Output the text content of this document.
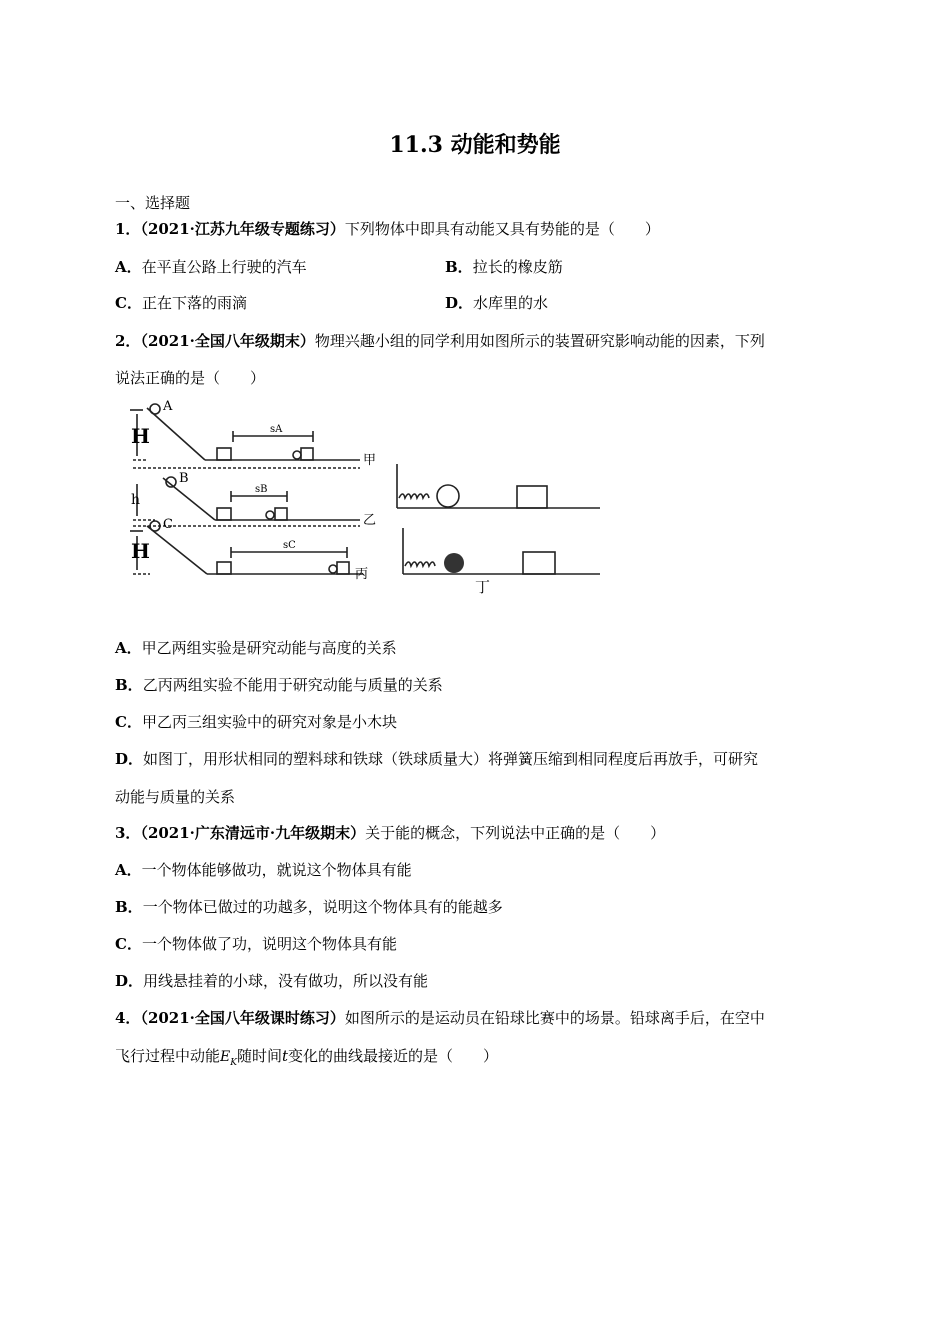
11.3 动能和势能
一、选择题
1．（2021·江苏九年级专题练习）下列物体中即具有动能又具有势能的是（　　）
A．在平直公路上行驶的汽车	B．拉长的橡皮筋
C．正在下落的雨滴	D．水库里的水
2．（2021·全国八年级期末）物理兴趣小组的同学利用如图所示的装置研究影响动能的因素，下列
说法正确的是（　　）
A
H	sA
甲
B
h
sB
乙
C
H	sC
丙
丁
A．甲乙两组实验是研究动能与高度的关系
B．乙丙两组实验不能用于研究动能与质量的关系
C．甲乙丙三组实验中的研究对象是小木块
D．如图丁，用形状相同的塑料球和铁球（铁球质量大）将弹簧压缩到相同程度后再放手，可研究
动能与质量的关系
3．（2021·广东清远市·九年级期末）关于能的概念，下列说法中正确的是（　　）
A．一个物体能够做功，就说这个物体具有能
B．一个物体已做过的功越多，说明这个物体具有的能越多
C．一个物体做了功，说明这个物体具有能
D．用线悬挂着的小球，没有做功，所以没有能
4．（2021·全国八年级课时练习）如图所示的是运动员在铅球比赛中的场景。铅球离手后，在空中
飞行过程中动能$E_K$随时间t变化的曲线最接近的是（　　）
